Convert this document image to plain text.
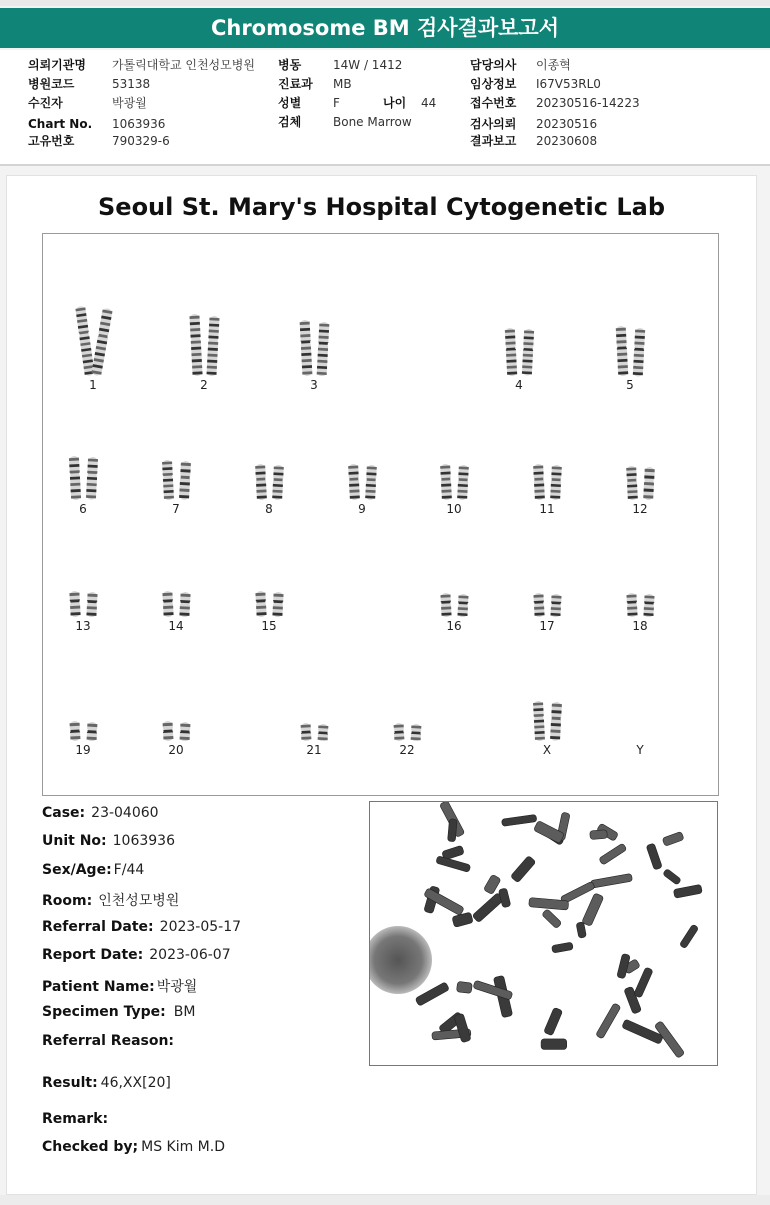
Chromosome BM 검사결과보고서
의뢰기관명 가톨릭대학교 인천성모병원
병원코드	53138
수진자	박광월
Chart No. 1063936
고유번호	790329-6
병동	14W / 1412
진료과 MB
성별	F	나이 44
검체	Bone Marrow
담당의사 이종혁
임상정보 I67V53RL0
접수번호 20230516-14223
검사의뢰 20230516
결과보고 20230608
Seoul St. Mary's Hospital Cytogenetic Lab
1	2	3	4	5
6	7	8	9	10	11	12
13	14	15	16	17	18
19	20	21	22	X	Y
Case: 23-04060
Unit No: 1063936
Sex/Age: F/44
Room: 인천성모병원
Referral Date: 2023-05-17
Report Date: 2023-06-07
Patient Name: 박광월
Specimen Type: BM
Referral Reason:
Result: 46,XX[20]
Remark:
Checked by; MS Kim M.D
